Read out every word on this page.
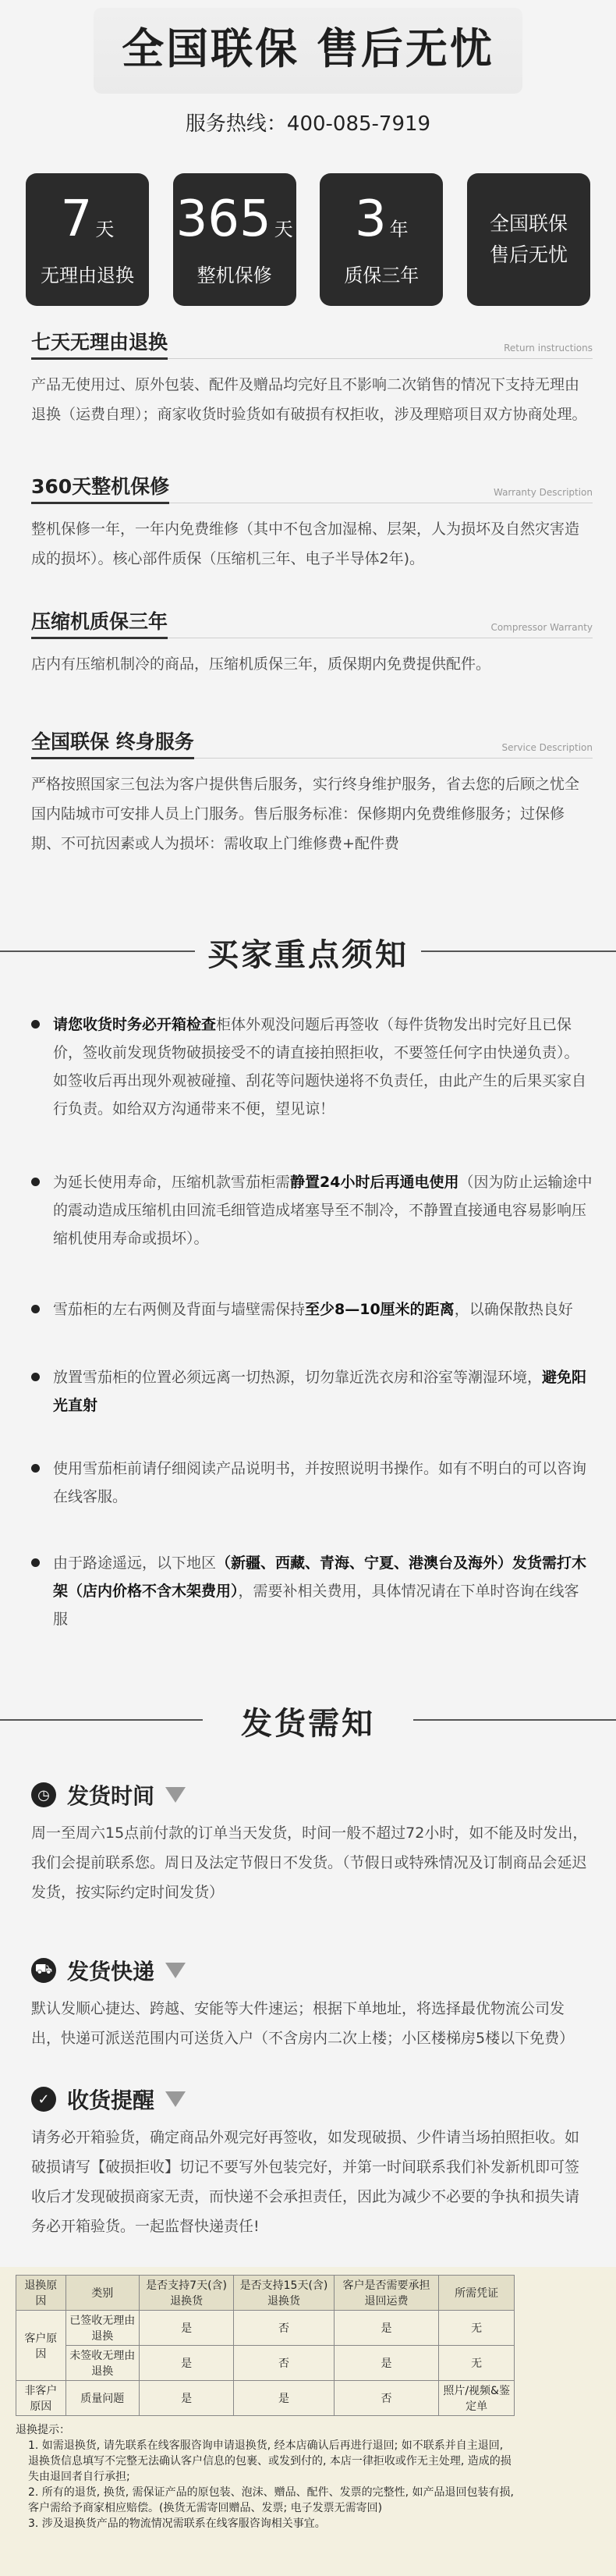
全国联保 售后无忧
服务热线：400-085-7919
7 天
无理由退换
365 天
整机保修
3 年
质保三年
全国联保
售后无忧
七天无理由退换	Return instructions
产品无使用过、原外包装、配件及赠品均完好且不影响二次销售的情况下支持无理由退换（运费自理）；商家收货时验货如有破损有权拒收，涉及理赔项目双方协商处理。
360天整机保修	Warranty Description
整机保修一年，一年内免费维修（其中不包含加湿棉、层架，人为损坏及自然灾害造成的损坏）。核心部件质保（压缩机三年、电子半导体2年)。
压缩机质保三年	Compressor Warranty
店内有压缩机制冷的商品，压缩机质保三年，质保期内免费提供配件。
全国联保 终身服务	Service Description
严格按照国家三包法为客户提供售后服务，实行终身维护服务，省去您的后顾之忧全国内陆城市可安排人员上门服务。售后服务标准：保修期内免费维修服务；过保修期、不可抗因素或人为损坏：需收取上门维修费+配件费
买家重点须知
请您收货时务必开箱检查柜体外观没问题后再签收（每件货物发出时完好且已保价，签收前发现货物破损接受不的请直接拍照拒收，不要签任何字由快递负责）。如签收后再出现外观被碰撞、刮花等问题快递将不负责任，由此产生的后果买家自行负责。如给双方沟通带来不便，望见谅！
为延长使用寿命，压缩机款雪茄柜需静置24小时后再通电使用（因为防止运输途中的震动造成压缩机由回流毛细管造成堵塞导至不制冷，不静置直接通电容易影响压缩机使用寿命或损坏）。
雪茄柜的左右两侧及背面与墙壁需保持至少8—10厘米的距离，以确保散热良好
放置雪茄柜的位置必须远离一切热源，切勿靠近洗衣房和浴室等潮湿环境，避免阳光直射
使用雪茄柜前请仔细阅读产品说明书，并按照说明书操作。如有不明白的可以咨询在线客服。
由于路途遥远，以下地区（新疆、西藏、青海、宁夏、港澳台及海外）发货需打木架（店内价格不含木架费用），需要补相关费用，具体情况请在下单时咨询在线客服
发货需知
◷ 发货时间
周一至周六15点前付款的订单当天发货，时间一般不超过72小时，如不能及时发出，我们会提前联系您。周日及法定节假日不发货。（节假日或特殊情况及订制商品会延迟发货，按实际约定时间发货）
⛟ 发货快递
默认发顺心捷达、跨越、安能等大件速运；根据下单地址，将选择最优物流公司发出，快递可派送范围内可送货入户（不含房内二次上楼；小区楼梯房5楼以下免费）
✓ 收货提醒
请务必开箱验货，确定商品外观完好再签收，如发现破损、少件请当场拍照拒收。如破损请写【破损拒收】切记不要写外包装完好，并第一时间联系我们补发新机即可签收后才发现破损商家无责，而快递不会承担责任，因此为减少不必要的争执和损失请务必开箱验货。一起监督快递责任!
退换原因	类别	是否支持7天(含)退换货	是否支持15天(含)退换货	客户是否需要承担退回运费	所需凭证
客户原因	已签收无理由退换	是	否	是	无
	未签收无理由退换	是	否	是	无
非客户原因	质量问题	是	是	否	照片/视频&鉴定单
退换提示：

1. 如需退换货, 请先联系在线客服咨询申请退换货, 经本店确认后再进行退回; 如不联系并自主退回, 退换货信息填写不完整无法确认客户信息的包裹、或发到付的, 本店一律拒收或作无主处理, 造成的损失由退回者自行承担;

2. 所有的退货, 换货, 需保证产品的原包装、泡沫、赠品、配件、发票的完整性, 如产品退回包装有损, 客户需给予商家相应赔偿。(换货无需寄回赠品、发票; 电子发票无需寄回)

3. 涉及退换货产品的物流情况需联系在线客服咨询相关事宜。
